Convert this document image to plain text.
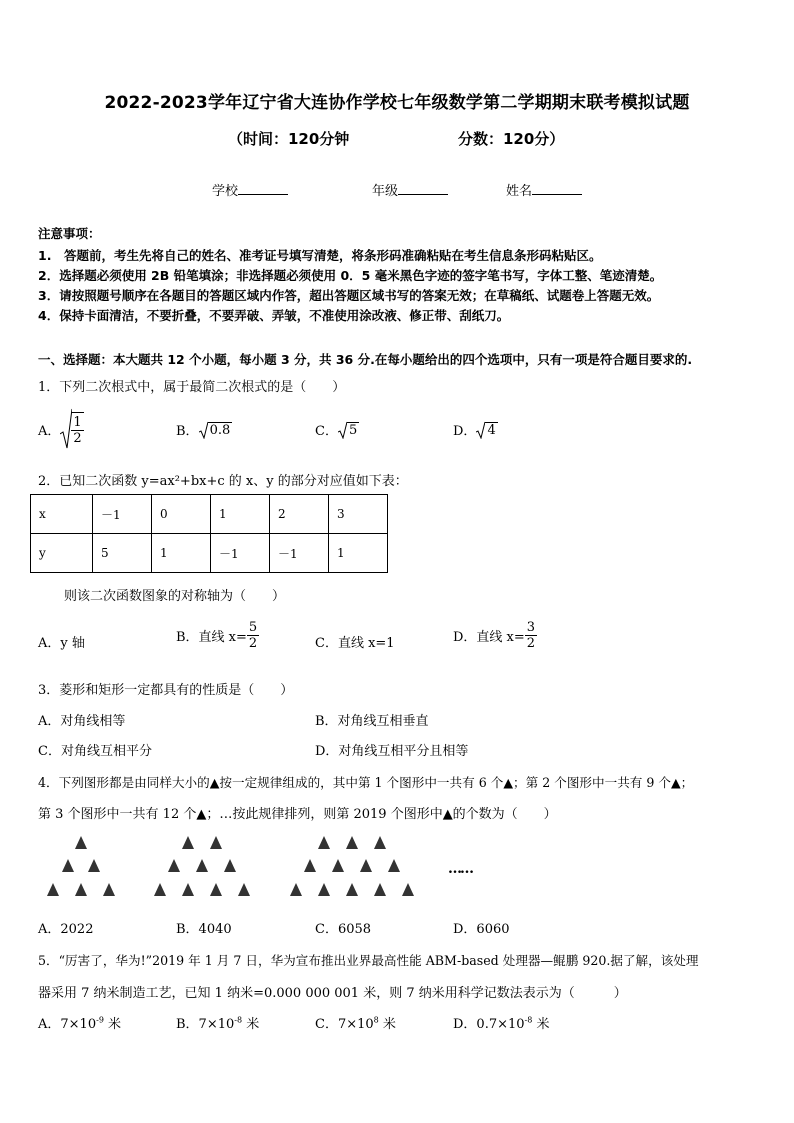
2022-2023学年辽宁省大连协作学校七年级数学第二学期期末联考模拟试题
（时间：120分钟	分数：120分）
学校	年级	姓名
注意事项：
1.　答题前，考生先将自己的姓名、准考证号填写清楚，将条形码准确粘贴在考生信息条形码粘贴区。
2．选择题必须使用 2B 铅笔填涂；非选择题必须使用 0．5 毫米黑色字迹的签字笔书写，字体工整、笔迹清楚。
3．请按照题号顺序在各题目的答题区域内作答，超出答题区域书写的答案无效；在草稿纸、试题卷上答题无效。
4．保持卡面清洁，不要折叠，不要弄破、弄皱，不准使用涂改液、修正带、刮纸刀。
一、选择题：本大题共 12 个小题，每小题 3 分，共 36 分.在每小题给出的四个选项中，只有一项是符合题目要求的.
1．下列二次根式中，属于最简二次根式的是（　　）
A． $\frac{1}{2}$	B． 0.8	C． 5	D． 4
2．已知二次函数 y=ax²+bx+c 的 x、y 的部分对应值如下表：
x	－1	0	1	2	3
y	5	1	－1	－1	1
则该二次函数图象的对称轴为（　　）
A．y 轴	B．直线 $x= \frac{5}{2}$	C．直线 x=1	D．直线 $x= \frac{3}{2}$
3．菱形和矩形一定都具有的性质是（　　）
A．对角线相等	B．对角线互相垂直
C．对角线互相平分	D．对角线互相平分且相等
4．下列图形都是由同样大小的▲按一定规律组成的，其中第 1 个图形中一共有 6 个▲；第 2 个图形中一共有 9 个▲；
第 3 个图形中一共有 12 个▲；…按此规律排列，则第 2019 个图形中▲的个数为（　　）
……
A．2022	B．4040	C．6058	D．6060
5．“厉害了，华为!”2019 年 1 月 7 日，华为宣布推出业界最高性能 ABM-based 处理器—鲲鹏 920.据了解，该处理
器采用 7 纳米制造工艺，已知 1 纳米=0.000 000 001 米，则 7 纳米用科学记数法表示为（　　　）
A．$7\times 10^{-9}$ 米	B．$7\times 10^{-8}$ 米	C．$7\times 10^8$ 米	D．$0.7\times 10^{-8}$ 米
